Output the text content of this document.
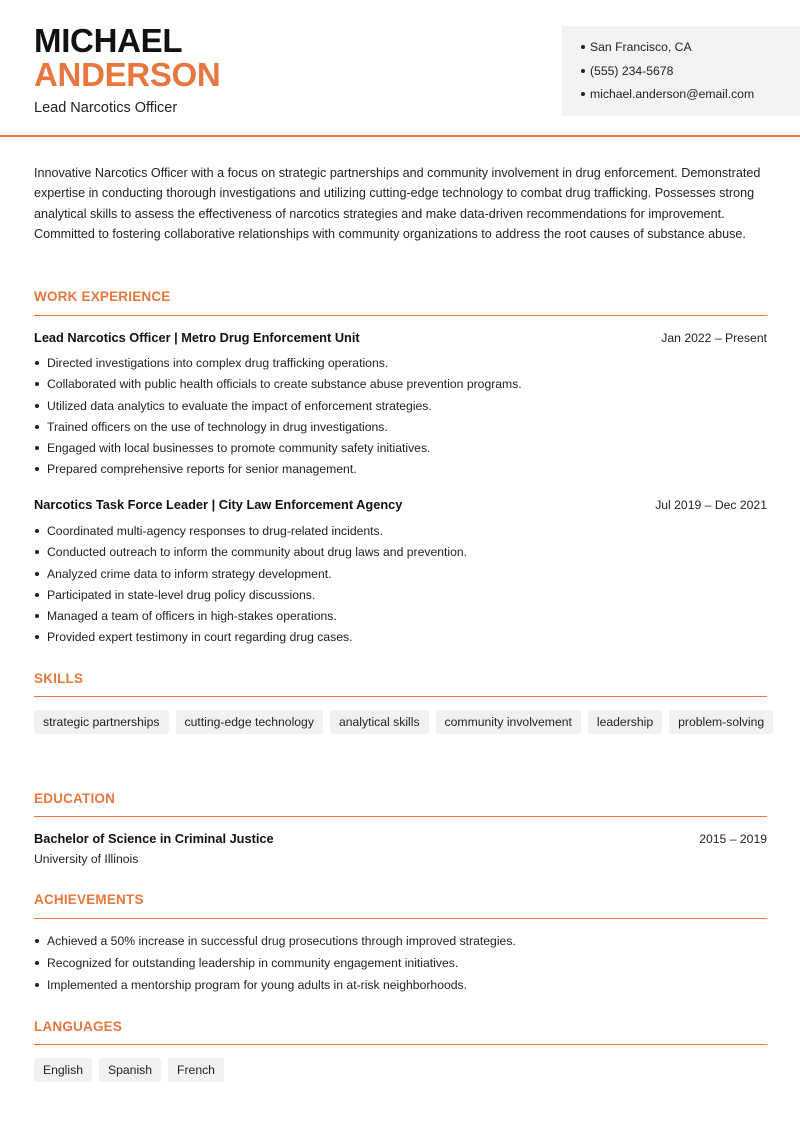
MICHAEL
ANDERSON
Lead Narcotics Officer
San Francisco, CA
(555) 234-5678
michael.anderson@email.com

Innovative Narcotics Officer with a focus on strategic partnerships and community involvement in drug enforcement. Demonstrated expertise in conducting thorough investigations and utilizing cutting-edge technology to combat drug trafficking. Possesses strong analytical skills to assess the effectiveness of narcotics strategies and make data-driven recommendations for improvement. Committed to fostering collaborative relationships with community organizations to address the root causes of substance abuse.

WORK EXPERIENCE
Lead Narcotics Officer | Metro Drug Enforcement Unit	Jan 2022 – Present
Directed investigations into complex drug trafficking operations.
Collaborated with public health officials to create substance abuse prevention programs.
Utilized data analytics to evaluate the impact of enforcement strategies.
Trained officers on the use of technology in drug investigations.
Engaged with local businesses to promote community safety initiatives.
Prepared comprehensive reports for senior management.
Narcotics Task Force Leader | City Law Enforcement Agency	Jul 2019 – Dec 2021
Coordinated multi-agency responses to drug-related incidents.
Conducted outreach to inform the community about drug laws and prevention.
Analyzed crime data to inform strategy development.
Participated in state-level drug policy discussions.
Managed a team of officers in high-stakes operations.
Provided expert testimony in court regarding drug cases.
SKILLS
strategic partnerships	cutting-edge technology	analytical skills	community involvement	leadership	problem-solving
EDUCATION
Bachelor of Science in Criminal Justice	2015 – 2019
University of Illinois
ACHIEVEMENTS
Achieved a 50% increase in successful drug prosecutions through improved strategies.
Recognized for outstanding leadership in community engagement initiatives.
Implemented a mentorship program for young adults in at-risk neighborhoods.
LANGUAGES
English	Spanish	French
